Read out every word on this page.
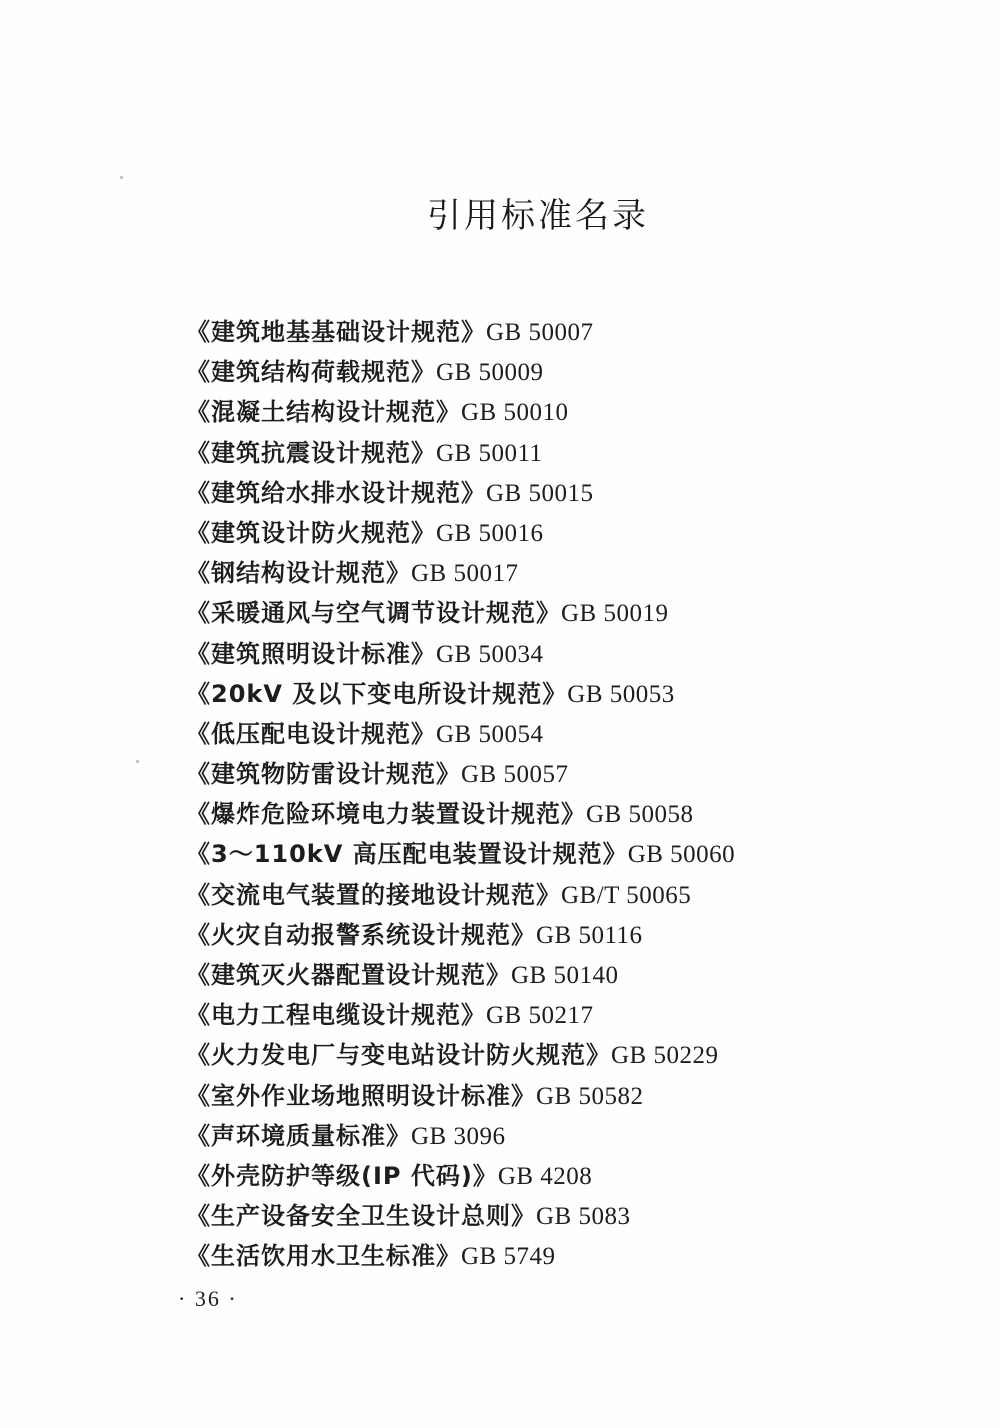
引用标准名录
《建筑地基基础设计规范》GB 50007
《建筑结构荷载规范》GB 50009
《混凝土结构设计规范》GB 50010
《建筑抗震设计规范》GB 50011
《建筑给水排水设计规范》GB 50015
《建筑设计防火规范》GB 50016
《钢结构设计规范》GB 50017
《采暖通风与空气调节设计规范》GB 50019
《建筑照明设计标准》GB 50034
《20kV 及以下变电所设计规范》GB 50053
《低压配电设计规范》GB 50054
《建筑物防雷设计规范》GB 50057
《爆炸危险环境电力装置设计规范》GB 50058
《3～110kV 高压配电装置设计规范》GB 50060
《交流电气装置的接地设计规范》GB/T 50065
《火灾自动报警系统设计规范》GB 50116
《建筑灭火器配置设计规范》GB 50140
《电力工程电缆设计规范》GB 50217
《火力发电厂与变电站设计防火规范》GB 50229
《室外作业场地照明设计标准》GB 50582
《声环境质量标准》GB 3096
《外壳防护等级(IP 代码)》GB 4208
《生产设备安全卫生设计总则》GB 5083
《生活饮用水卫生标准》GB 5749
· 36 ·
